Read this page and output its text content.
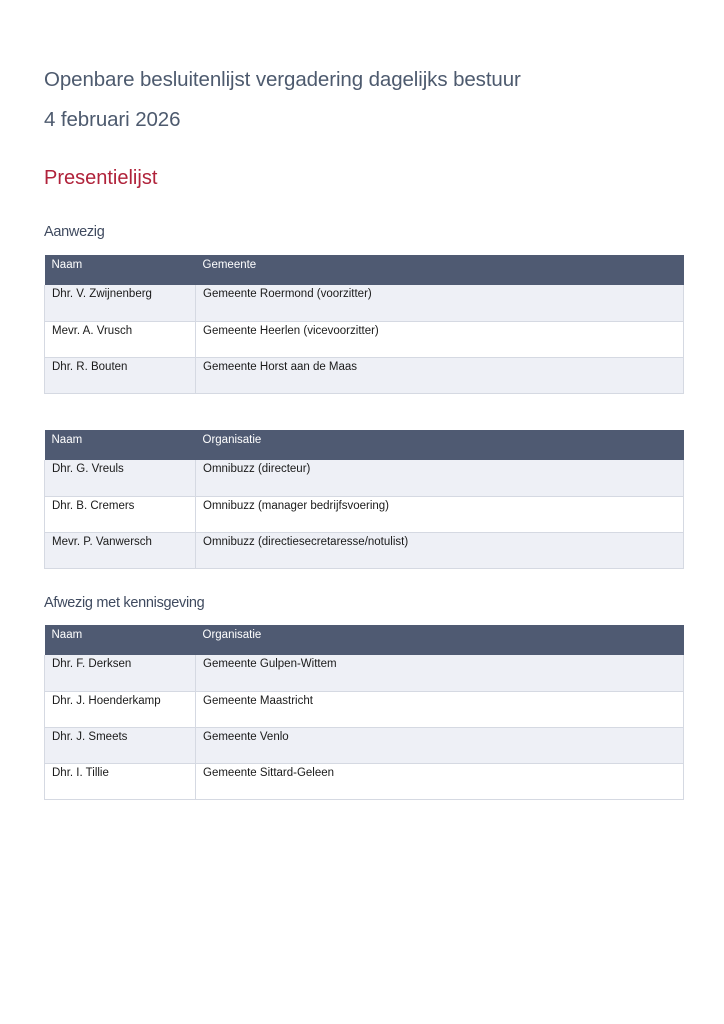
Openbare besluitenlijst vergadering dagelijks bestuur
4 februari 2026
Presentielijst
Aanwezig
Naam	Gemeente
Dhr. V. Zwijnenberg	Gemeente Roermond (voorzitter)
Mevr. A. Vrusch	Gemeente Heerlen (vicevoorzitter)
Dhr. R. Bouten	Gemeente Horst aan de Maas
Naam	Organisatie
Dhr. G. Vreuls	Omnibuzz (directeur)
Dhr. B. Cremers	Omnibuzz (manager bedrijfsvoering)
Mevr. P. Vanwersch	Omnibuzz (directiesecretaresse/notulist)
Afwezig met kennisgeving
Naam	Organisatie
Dhr. F. Derksen	Gemeente Gulpen-Wittem
Dhr. J. Hoenderkamp	Gemeente Maastricht
Dhr. J. Smeets	Gemeente Venlo
Dhr. I. Tillie	Gemeente Sittard-Geleen
